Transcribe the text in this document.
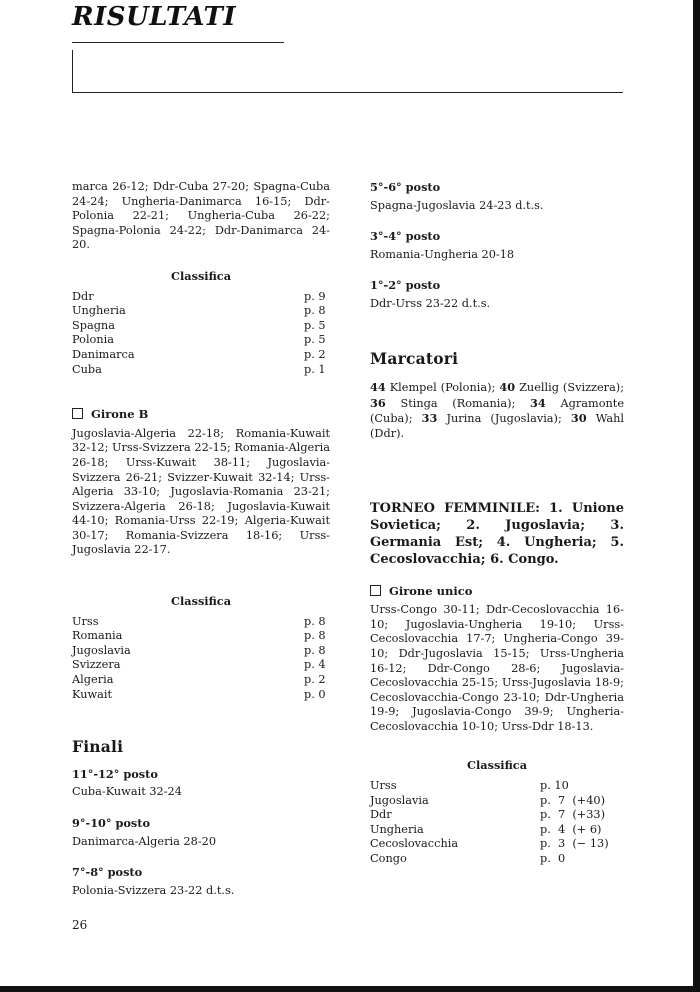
RISULTATI

marca 26-12; Ddr-Cuba 27-20; Spagna-Cuba 24-24; Ungheria-Danimarca 16-15; Ddr-Polonia 22-21; Ungheria-Cuba 26-22; Spagna-Polonia 24-22; Ddr-Danimarca 24-20.

Classifica

Ddr	p. 9
Ungheria	p. 8
Spagna	p. 5
Polonia	p. 5
Danimarca	p. 2
Cuba	p. 1

Girone B

Jugoslavia-Algeria 22-18; Romania-Kuwait 32-12; Urss-Svizzera 22-15; Romania-Algeria 26-18; Urss-Kuwait 38-11; Jugoslavia-Svizzera 26-21; Svizzer-Kuwait 32-14; Urss-Algeria 33-10; Jugoslavia-Romania 23-21; Svizzera-Algeria 26-18; Jugoslavia-Kuwait 44-10; Romania-Urss 22-19; Algeria-Kuwait 30-17; Romania-Svizzera 18-16; Urss-Jugoslavia 22-17.

Classifica

Urss	p. 8
Romania	p. 8
Jugoslavia	p. 8
Svizzera	p. 4
Algeria	p. 2
Kuwait	p. 0

Finali

11°-12° posto

Cuba-Kuwait 32-24

9°-10° posto

Danimarca-Algeria 28-20

7°-8° posto

Polonia-Svizzera 23-22 d.t.s.

5°-6° posto

Spagna-Jugoslavia 24-23 d.t.s.

3°-4° posto

Romania-Ungheria 20-18

1°-2° posto

Ddr-Urss 23-22 d.t.s.

Marcatori

44 Klempel (Polonia); 40 Zuellig (Svizzera); 36 Stinga (Romania); 34 Agramonte (Cuba); 33 Jurina (Jugoslavia); 30 Wahl (Ddr).

TORNEO FEMMINILE: 1. Unione Sovietica; 2. Jugoslavia; 3. Germania Est; 4. Ungheria; 5. Cecoslovacchia; 6. Congo.

Girone unico

Urss-Congo 30-11; Ddr-Cecoslovacchia 16-10; Jugoslavia-Ungheria 19-10; Urss-Cecoslovacchia 17-7; Ungheria-Congo 39-10; Ddr-Jugoslavia 15-15; Urss-Ungheria 16-12; Ddr-Congo 28-6; Jugoslavia-Cecoslovacchia 25-15; Urss-Jugoslavia 18-9; Cecoslovacchia-Congo 23-10; Ddr-Ungheria 19-9; Jugoslavia-Congo 39-9; Ungheria-Cecoslovacchia 10-10; Urss-Ddr 18-13.

Classifica

Urss	p. 10
Jugoslavia	p.  7  (+40)
Ddr	p.  7  (+33)
Ungheria	p.  4  (+ 6)
Cecoslovacchia	p.  3  (− 13)
Congo	p.  0
26
